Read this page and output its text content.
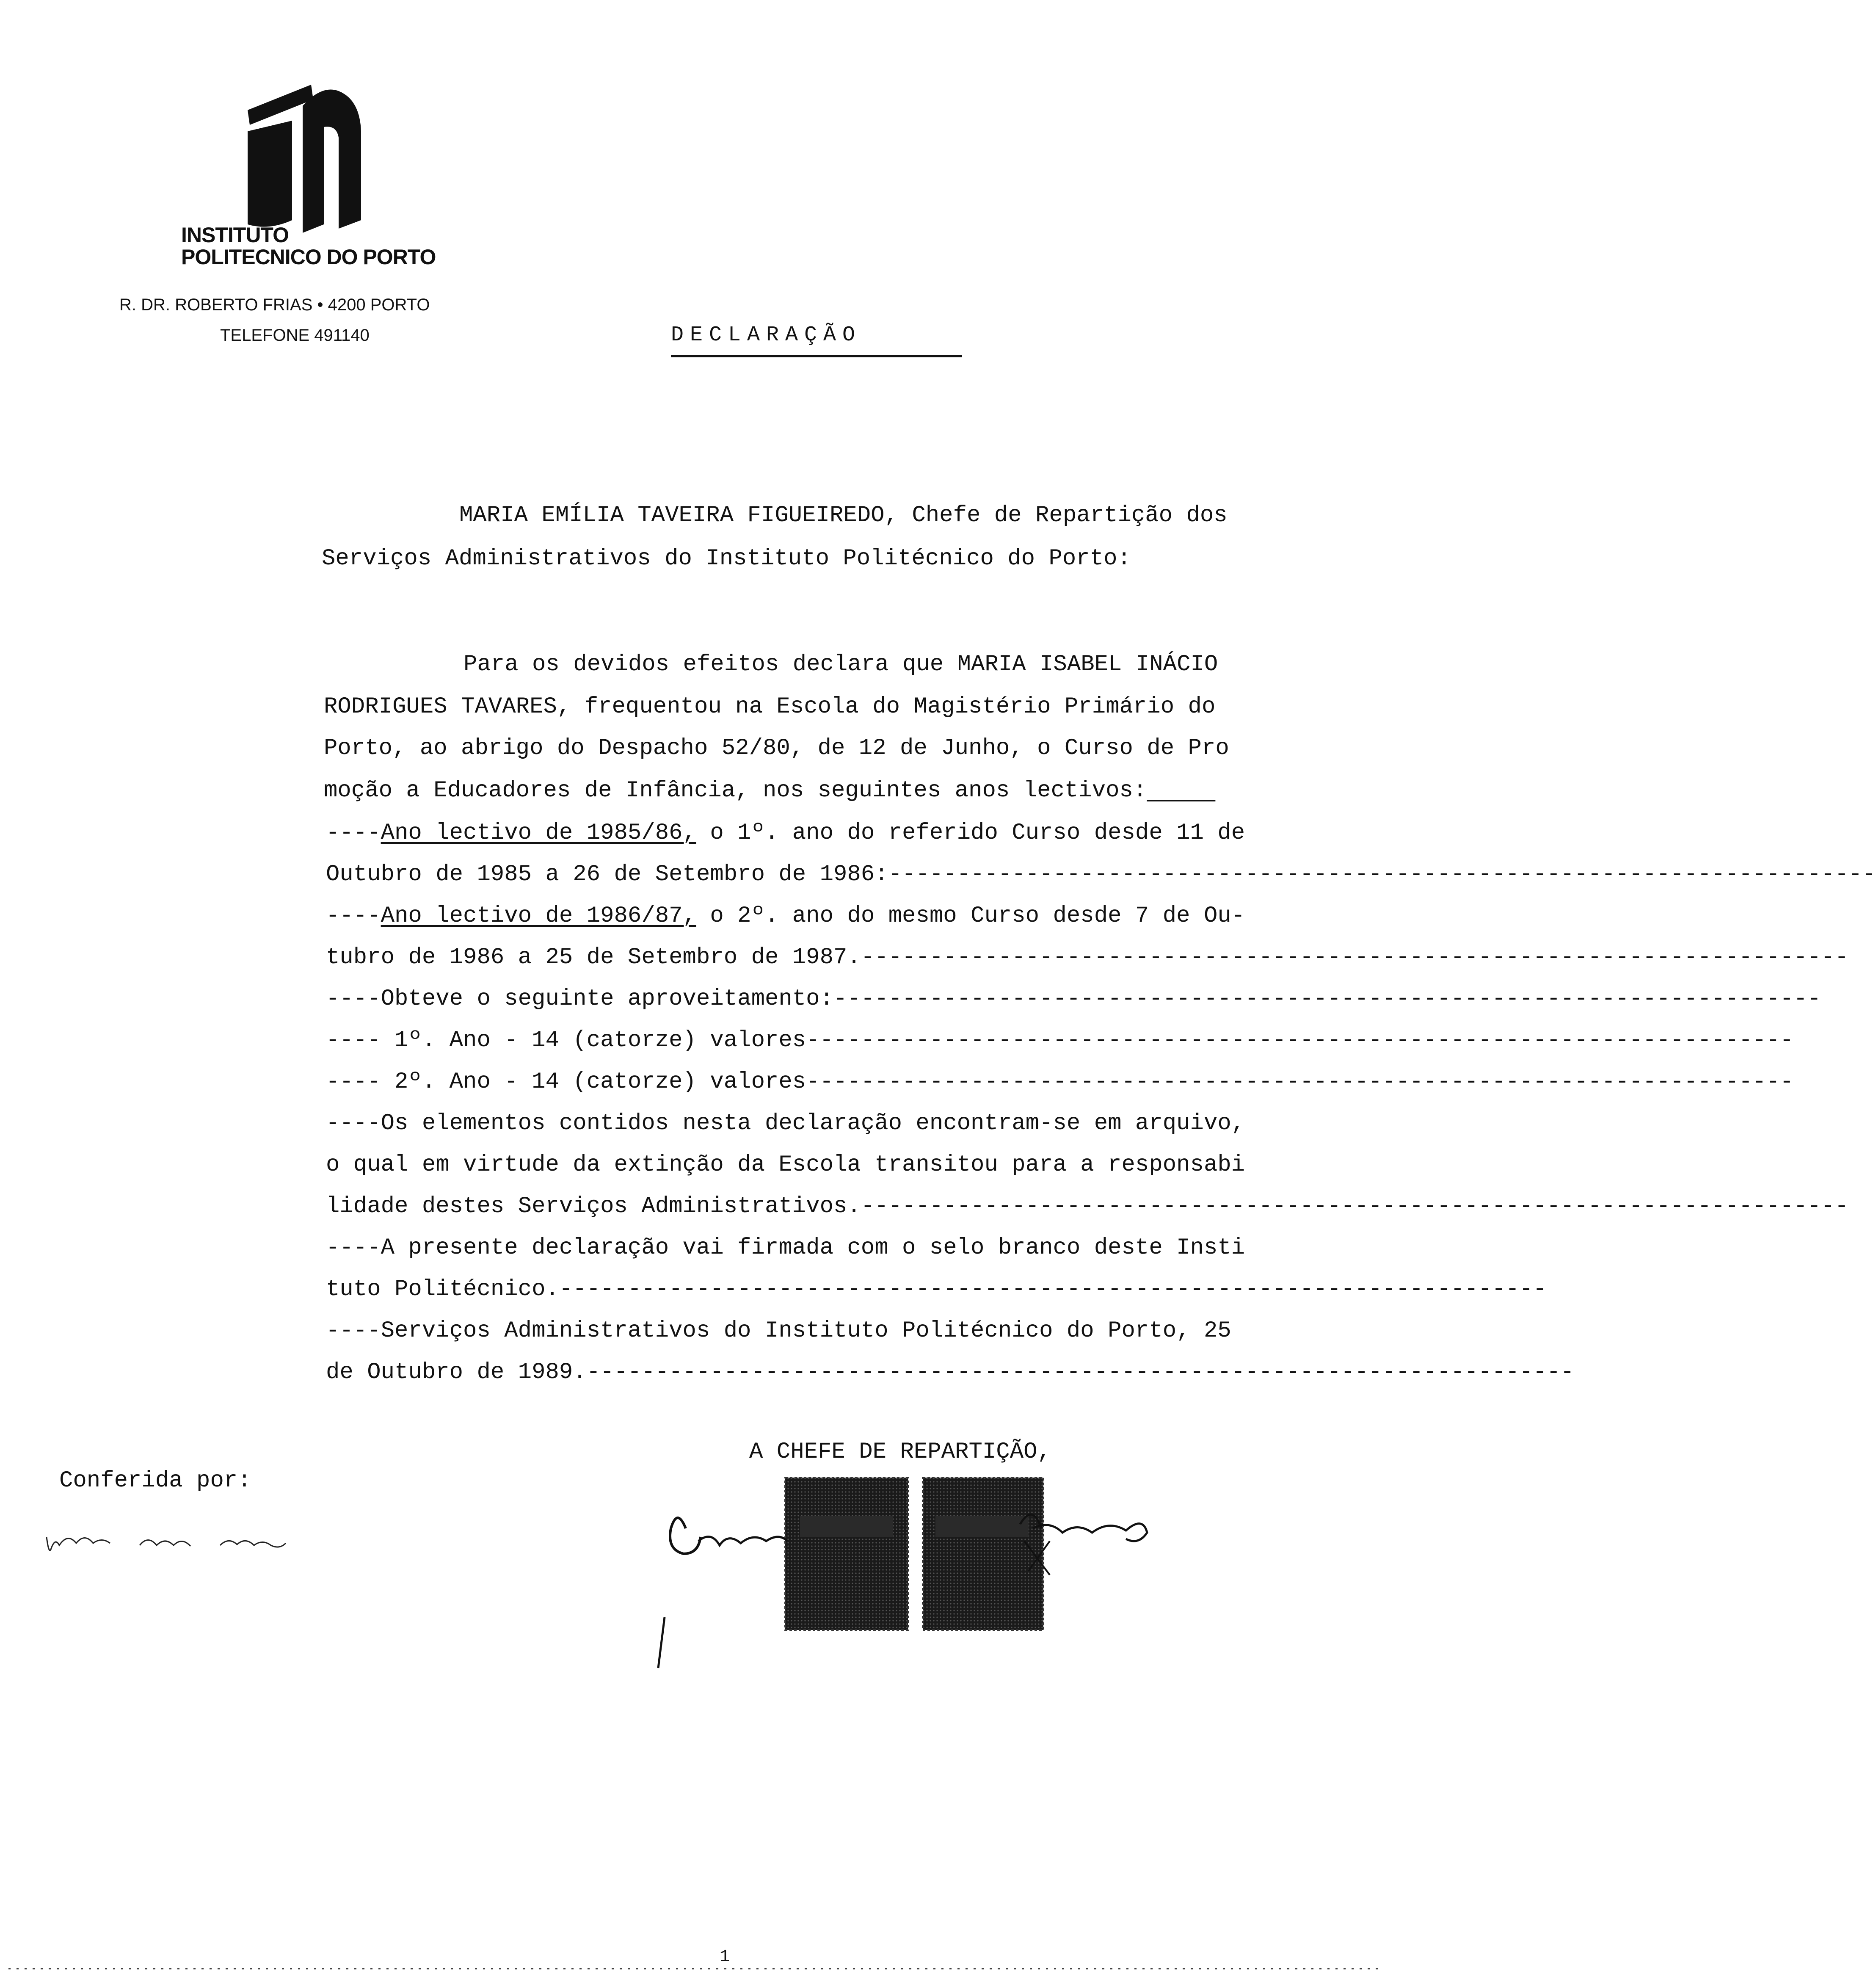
INSTITUTO
POLITECNICO DO PORTO
R. DR. ROBERTO FRIAS • 4200 PORTO
TELEFONE 491140	DECLARAÇÃO
MARIA EMÍLIA TAVEIRA FIGUEIREDO, Chefe de Repartição dos
Serviços Administrativos do Instituto Politécnico do Porto:
Para os devidos efeitos declara que MARIA ISABEL INÁCIO
RODRIGUES TAVARES, frequentou na Escola do Magistério Primário do
Porto, ao abrigo do Despacho 52/80, de 12 de Junho, o Curso de Pro
moção a Educadores de Infância, nos seguintes anos lectivos:     
----Ano lectivo de 1985/86, o 1º. ano do referido Curso desde 11 de
Outubro de 1985 a 26 de Setembro de 1986:------------------------------------------------------------------------
----Ano lectivo de 1986/87, o 2º. ano do mesmo Curso desde 7 de Ou-
tubro de 1986 a 25 de Setembro de 1987.------------------------------------------------------------------------
----Obteve o seguinte aproveitamento:------------------------------------------------------------------------
---- 1º. Ano - 14 (catorze) valores------------------------------------------------------------------------
---- 2º. Ano - 14 (catorze) valores------------------------------------------------------------------------
----Os elementos contidos nesta declaração encontram-se em arquivo,
o qual em virtude da extinção da Escola transitou para a responsabi
lidade destes Serviços Administrativos.------------------------------------------------------------------------
----A presente declaração vai firmada com o selo branco deste Insti
tuto Politécnico.------------------------------------------------------------------------
----Serviços Administrativos do Instituto Politécnico do Porto, 25
de Outubro de 1989.------------------------------------------------------------------------
A CHEFE DE REPARTIÇÃO,
Conferida por:
1
